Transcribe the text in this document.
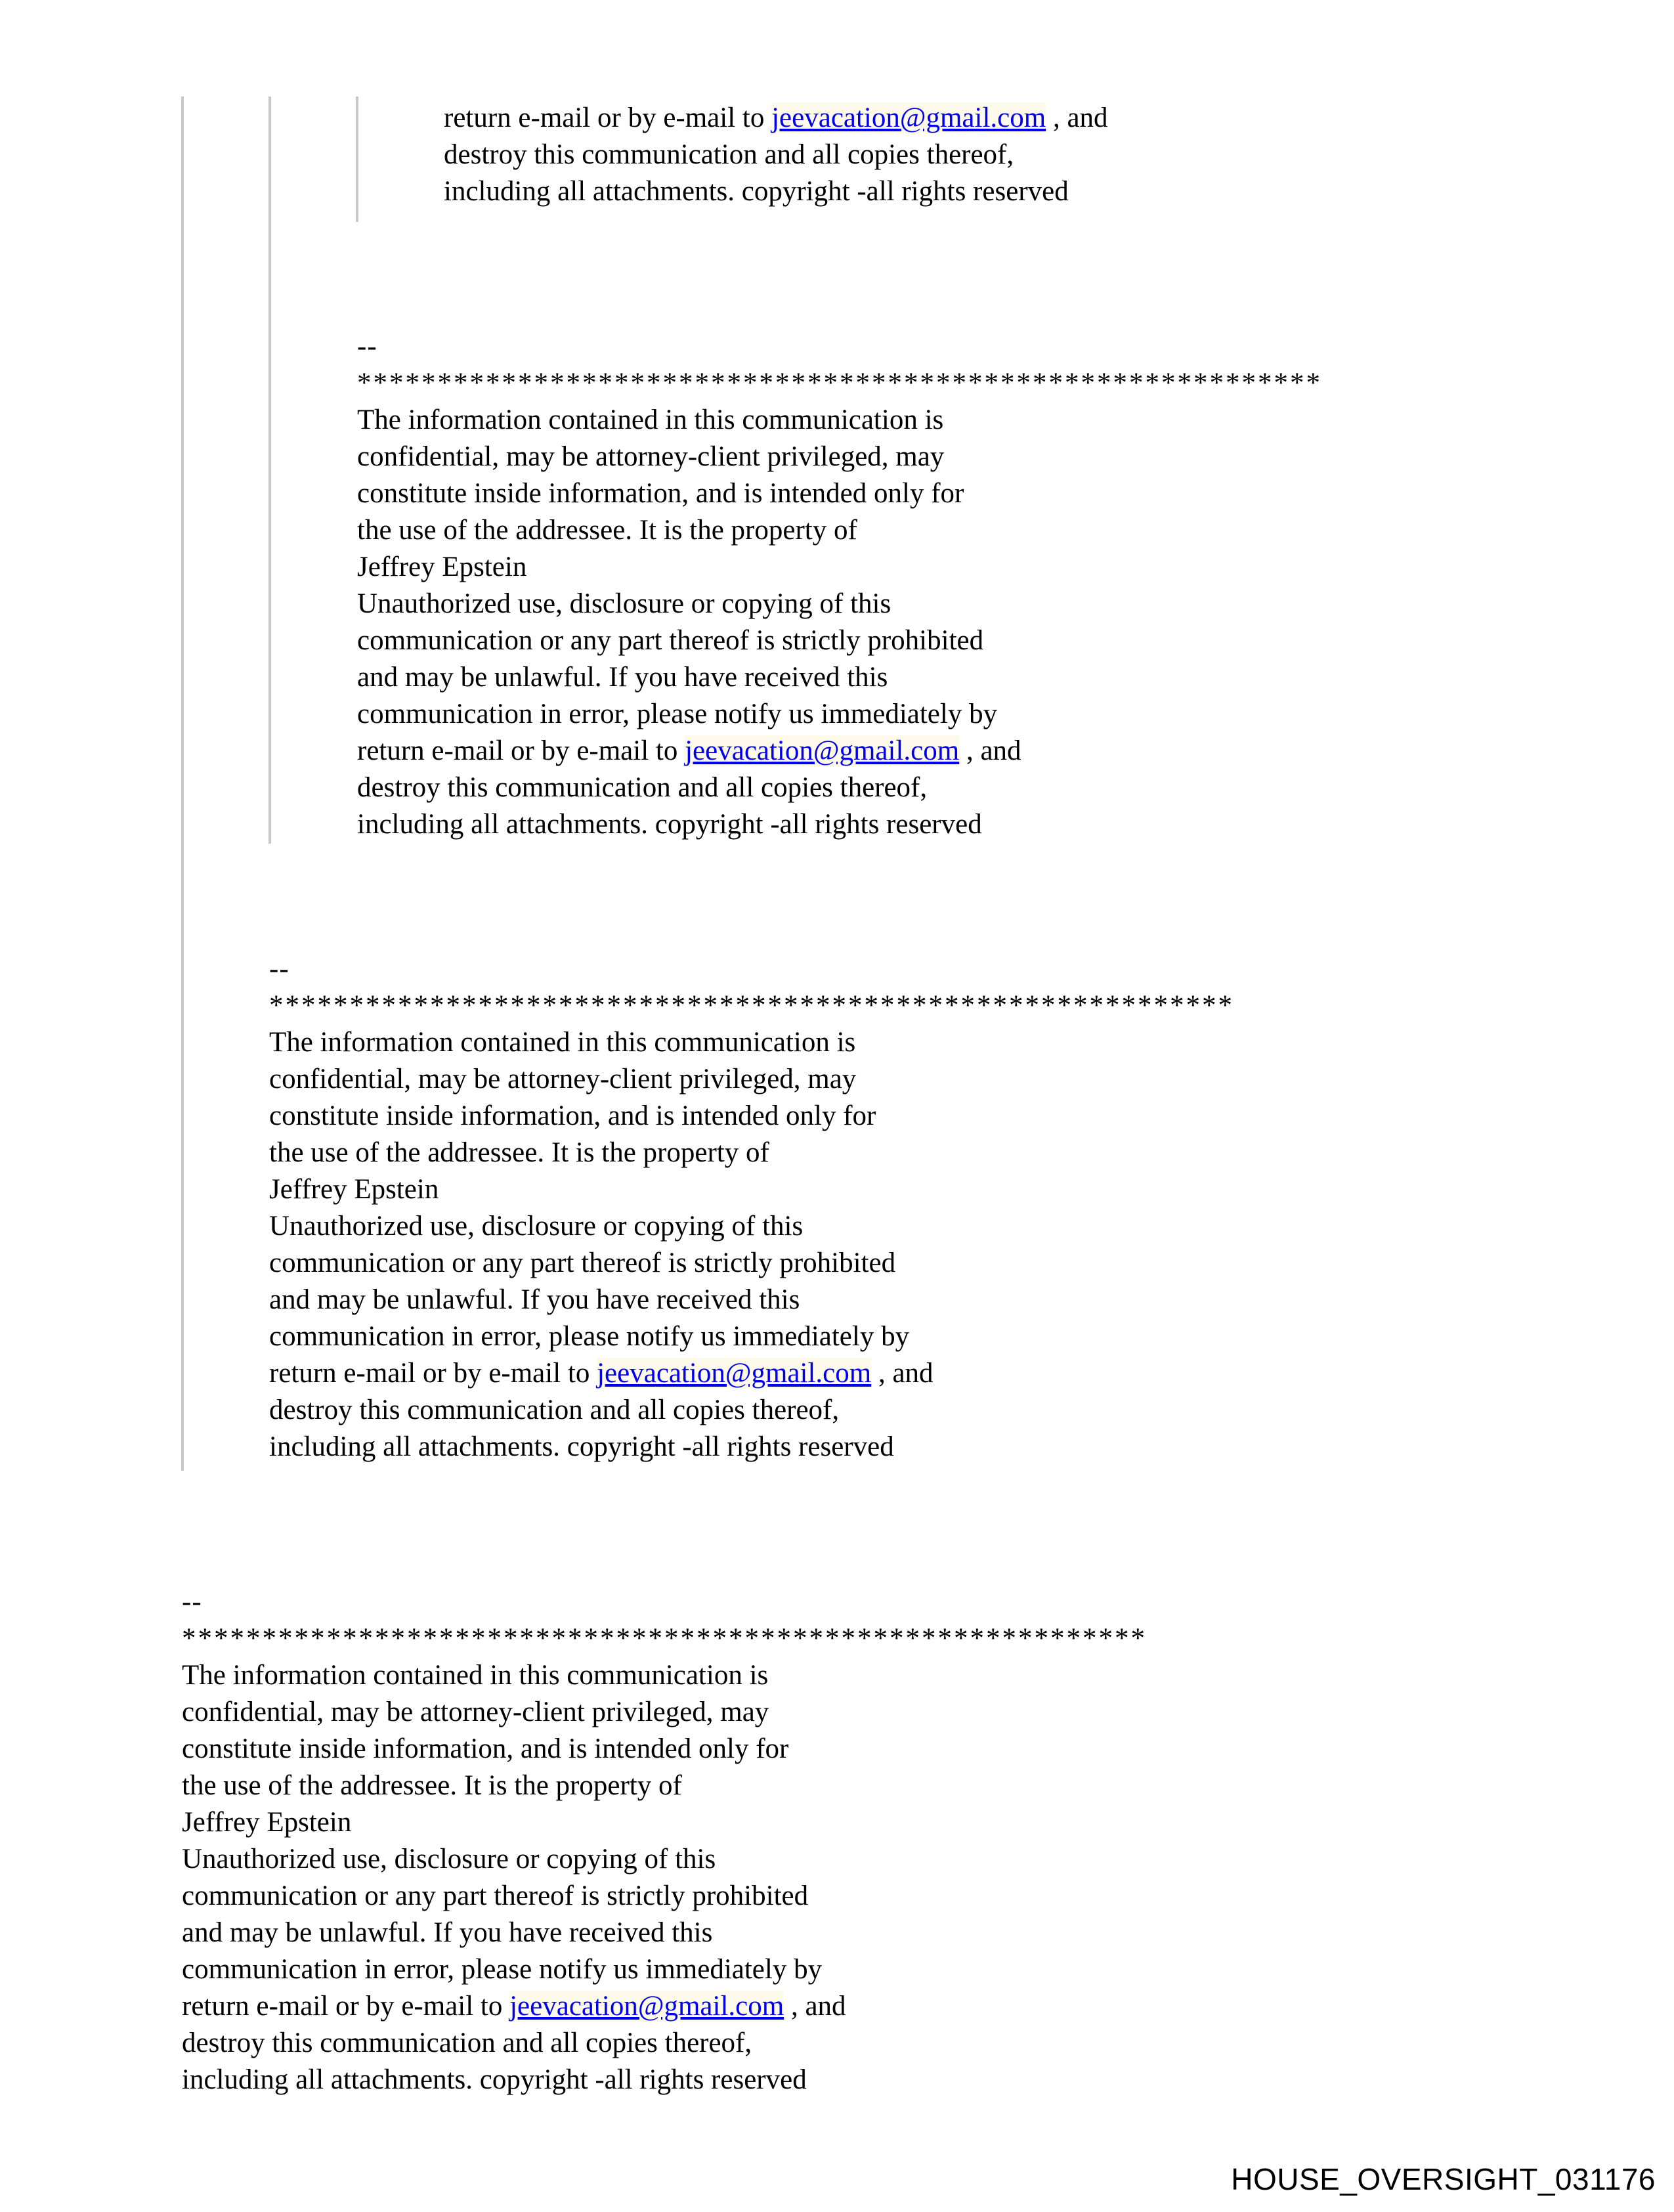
return e-mail or by e-mail to jeevacation@gmail.com , and
destroy this communication and all copies thereof,
including all attachments. copyright -all rights reserved
--
************************************************************
The information contained in this communication is
confidential, may be attorney-client privileged, may
constitute inside information, and is intended only for
the use of the addressee. It is the property of
Jeffrey Epstein
Unauthorized use, disclosure or copying of this
communication or any part thereof is strictly prohibited
and may be unlawful. If you have received this
communication in error, please notify us immediately by
return e-mail or by e-mail to jeevacation@gmail.com , and
destroy this communication and all copies thereof,
including all attachments. copyright -all rights reserved
--
************************************************************
The information contained in this communication is
confidential, may be attorney-client privileged, may
constitute inside information, and is intended only for
the use of the addressee. It is the property of
Jeffrey Epstein
Unauthorized use, disclosure or copying of this
communication or any part thereof is strictly prohibited
and may be unlawful. If you have received this
communication in error, please notify us immediately by
return e-mail or by e-mail to jeevacation@gmail.com , and
destroy this communication and all copies thereof,
including all attachments. copyright -all rights reserved
--
************************************************************
The information contained in this communication is
confidential, may be attorney-client privileged, may
constitute inside information, and is intended only for
the use of the addressee. It is the property of
Jeffrey Epstein
Unauthorized use, disclosure or copying of this
communication or any part thereof is strictly prohibited
and may be unlawful. If you have received this
communication in error, please notify us immediately by
return e-mail or by e-mail to jeevacation@gmail.com , and
destroy this communication and all copies thereof,
including all attachments. copyright -all rights reserved
HOUSE_OVERSIGHT_031176
